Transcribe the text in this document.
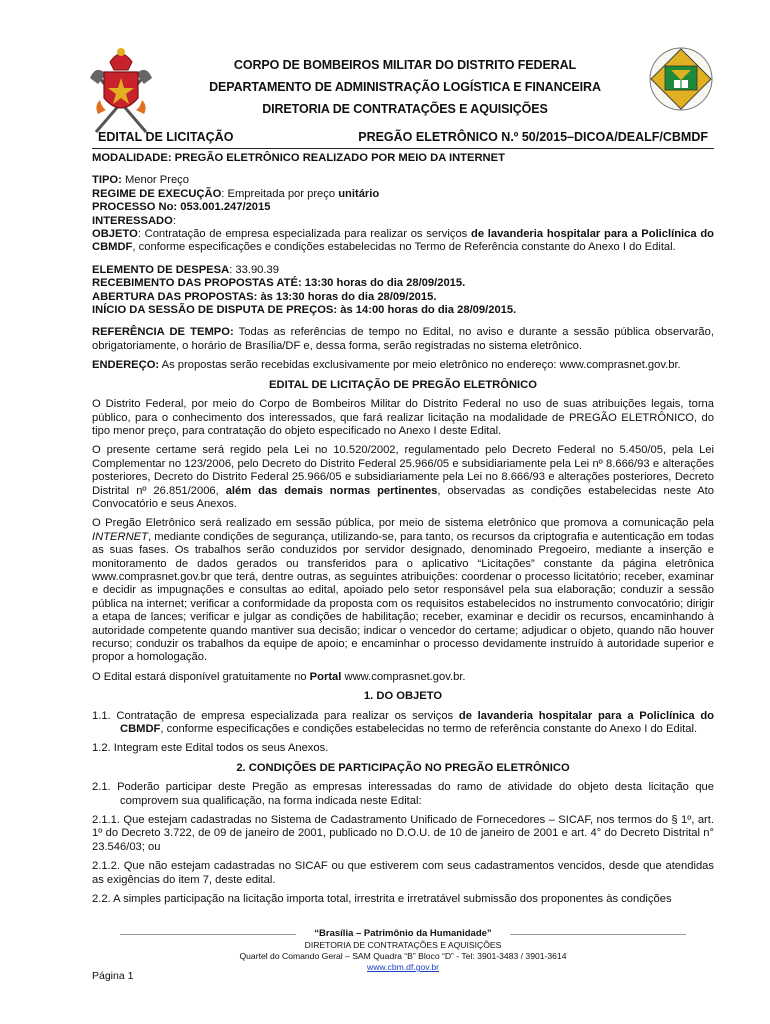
CORPO DE BOMBEIROS MILITAR DO DISTRITO FEDERAL
DEPARTAMENTO DE ADMINISTRAÇÃO LOGÍSTICA E FINANCEIRA
DIRETORIA DE CONTRATAÇÕES E AQUISIÇÕES
EDITAL DE LICITAÇÃO	PREGÃO ELETRÔNICO N.º 50/2015–DICOA/DEALF/CBMDF

MODALIDADE: PREGÃO ELETRÔNICO REALIZADO POR MEIO DA INTERNET

TIPO: Menor Preço

REGIME DE EXECUÇÃO: Empreitada por preço unitário

PROCESSO No: 053.001.247/2015

INTERESSADO:

OBJETO: Contratação de empresa especializada para realizar os serviços de lavanderia hospitalar para a Policlínica do CBMDF, conforme especificações e condições estabelecidas no Termo de Referência constante do Anexo I do Edital.

ELEMENTO DE DESPESA: 33.90.39

RECEBIMENTO DAS PROPOSTAS ATÉ: 13:30 horas do dia 28/09/2015.

ABERTURA DAS PROPOSTAS: às 13:30 horas do dia 28/09/2015.

INÍCIO DA SESSÃO DE DISPUTA DE PREÇOS: às 14:00 horas do dia 28/09/2015.

REFERÊNCIA DE TEMPO: Todas as referências de tempo no Edital, no aviso e durante a sessão pública observarão, obrigatoriamente, o horário de Brasília/DF e, dessa forma, serão registradas no sistema eletrônico.

ENDEREÇO: As propostas serão recebidas exclusivamente por meio eletrônico no endereço: www.comprasnet.gov.br.

EDITAL DE LICITAÇÃO DE PREGÃO ELETRÔNICO

O Distrito Federal, por meio do Corpo de Bombeiros Militar do Distrito Federal no uso de suas atribuições legais, torna público, para o conhecimento dos interessados, que fará realizar licitação na modalidade de PREGÃO ELETRÔNICO, do tipo menor preço, para contratação do objeto especificado no Anexo I deste Edital.

O presente certame será regido pela Lei no 10.520/2002, regulamentado pelo Decreto Federal no 5.450/05, pela Lei Complementar no 123/2006, pelo Decreto do Distrito Federal 25.966/05 e subsidiariamente pela Lei nº 8.666/93 e alterações posteriores, Decreto do Distrito Federal 25.966/05 e subsidiariamente pela Lei no 8.666/93 e alterações posteriores, Decreto Distrital nº 26.851/2006, além das demais normas pertinentes, observadas as condições estabelecidas neste Ato Convocatório e seus Anexos.

O Pregão Eletrônico será realizado em sessão pública, por meio de sistema eletrônico que promova a comunicação pela INTERNET, mediante condições de segurança, utilizando-se, para tanto, os recursos da criptografia e autenticação em todas as suas fases. Os trabalhos serão conduzidos por servidor designado, denominado Pregoeiro, mediante a inserção e monitoramento de dados gerados ou transferidos para o aplicativo “Licitações” constante da página eletrônica www.comprasnet.gov.br que terá, dentre outras, as seguintes atribuições: coordenar o processo licitatório; receber, examinar e decidir as impugnações e consultas ao edital, apoiado pelo setor responsável pela sua elaboração; conduzir a sessão pública na internet; verificar a conformidade da proposta com os requisitos estabelecidos no instrumento convocatório; dirigir a etapa de lances; verificar e julgar as condições de habilitação; receber, examinar e decidir os recursos, encaminhando à autoridade competente quando mantiver sua decisão; indicar o vencedor do certame; adjudicar o objeto, quando não houver recurso; conduzir os trabalhos da equipe de apoio; e encaminhar o processo devidamente instruído à autoridade superior e propor a homologação.

O Edital estará disponível gratuitamente no Portal www.comprasnet.gov.br.

1. DO OBJETO

1.1. Contratação de empresa especializada para realizar os serviços de lavanderia hospitalar para a Policlínica do CBMDF, conforme especificações e condições estabelecidas no termo de referência constante do Anexo I do Edital.

1.2. Integram este Edital todos os seus Anexos.

2. CONDIÇÕES DE PARTICIPAÇÃO NO PREGÃO ELETRÔNICO

2.1. Poderão participar deste Pregão as empresas interessadas do ramo de atividade do objeto desta licitação que comprovem sua qualificação, na forma indicada neste Edital:

2.1.1. Que estejam cadastradas no Sistema de Cadastramento Unificado de Fornecedores – SICAF, nos termos do § 1º, art. 1º do Decreto 3.722, de 09 de janeiro de 2001, publicado no D.O.U. de 10 de janeiro de 2001 e art. 4° do Decreto Distrital n° 23.546/03; ou

2.1.2. Que não estejam cadastradas no SICAF ou que estiverem com seus cadastramentos vencidos, desde que atendidas as exigências do item 7, deste edital.

2.2. A simples participação na licitação importa total, irrestrita e irretratável submissão dos proponentes às condições

“Brasília – Patrimônio da Humanidade”
DIRETORIA DE CONTRATAÇÕES E AQUISIÇÕES
Quartel do Comando Geral – SAM Quadra “B” Bloco “D” - Tel: 3901-3483 / 3901-3614
www.cbm.df.gov.br
Página 1
